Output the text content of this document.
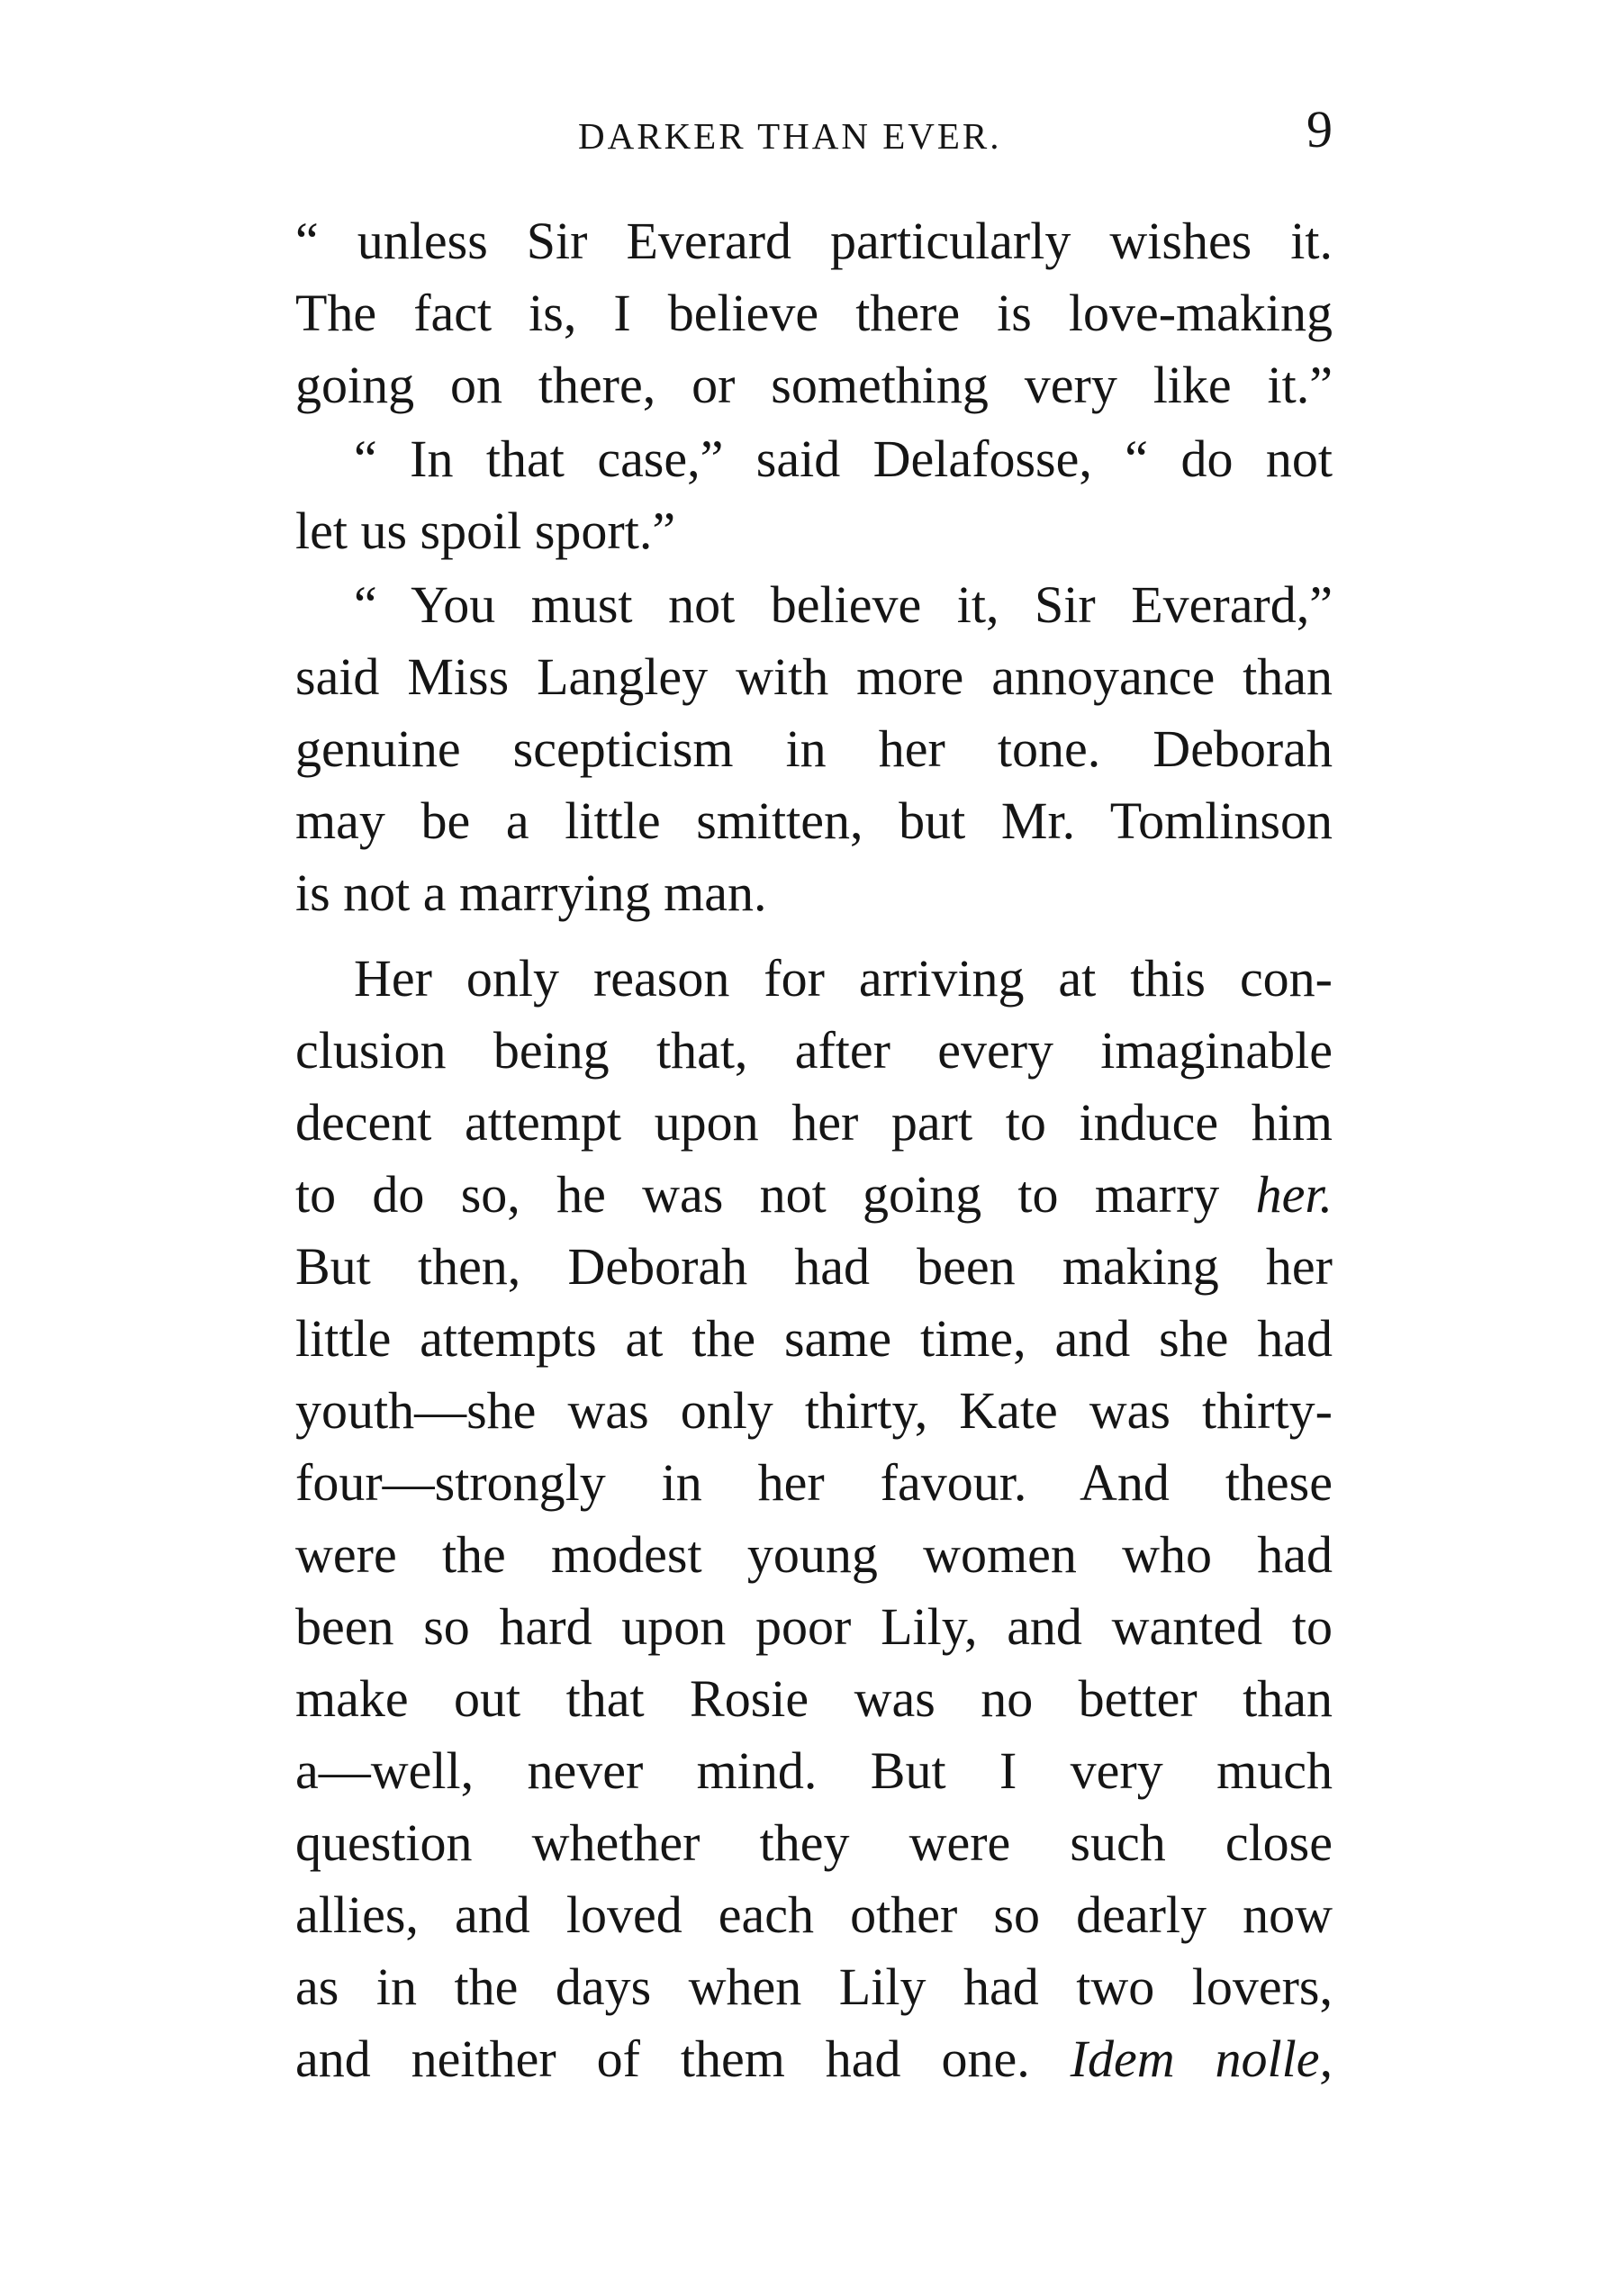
DARKER THAN EVER.	9
“ unless Sir Everard particularly wishes it.
The fact is, I believe there is love-making
going on there, or something very like it.”
“ In that case,” said Delafosse, “ do not
let us spoil sport.”
“ You must not believe it, Sir Everard,”
said Miss Langley with more annoyance than
genuine scepticism in her tone. Deborah
may be a little smitten, but Mr. Tomlinson
is not a marrying man.
Her only reason for arriving at this con-
clusion being that, after every imaginable
decent attempt upon her part to induce him
to do so, he was not going to marry her.
But then, Deborah had been making her
little attempts at the same time, and she had
youth—she was only thirty, Kate was thirty-
four—strongly in her favour. And these
were the modest young women who had
been so hard upon poor Lily, and wanted to
make out that Rosie was no better than
a—well, never mind. But I very much
question whether they were such close
allies, and loved each other so dearly now
as in the days when Lily had two lovers,
and neither of them had one. Idem nolle,
